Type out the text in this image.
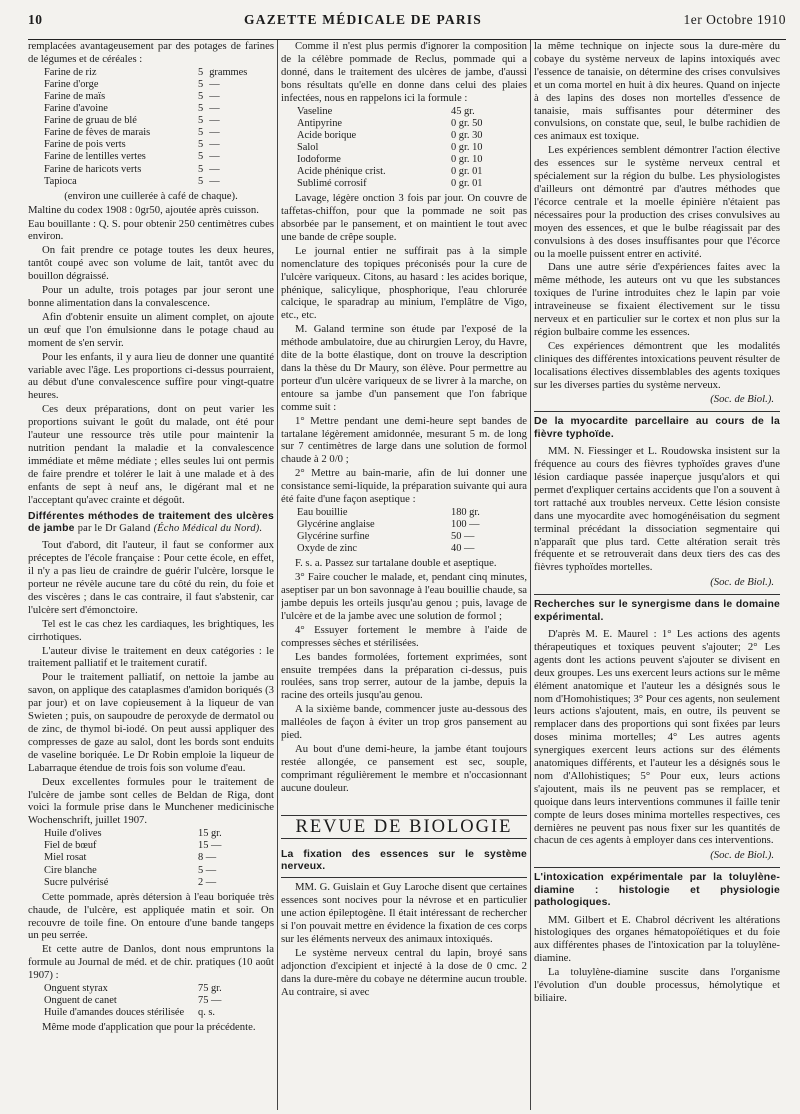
10	GAZETTE MÉDICALE DE PARIS	1er Octobre 1910

remplacées avantageusement par des potages de farines de légumes et de céréales :

Farine de riz	5	grammes
Farine d'orge	5	—
Farine de maïs	5	—
Farine d'avoine	5	—
Farine de gruau de blé	5	—
Farine de fèves de marais	5	—
Farine de pois verts	5	—
Farine de lentilles vertes	5	—
Farine de haricots verts	5	—
Tapioca	5	—

(environ une cuillerée à café de chaque).

Maltine du codex 1908 : 0gr50, ajoutée après cuisson.

Eau bouillante : Q. S. pour obtenir 250 centimètres cubes environ.

On fait prendre ce potage toutes les deux heures, tantôt coupé avec son volume de lait, tantôt avec du bouillon dégraissé.

Pour un adulte, trois potages par jour seront une bonne alimentation dans la convalescence.

Afin d'obtenir ensuite un aliment complet, on ajoute un œuf que l'on émulsionne dans le potage chaud au moment de s'en servir.

Pour les enfants, il y aura lieu de donner une quantité variable avec l'âge. Les proportions ci-dessus pourraient, au début d'une convalescence suffire pour vingt-quatre heures.

Ces deux préparations, dont on peut varier les proportions suivant le goût du malade, ont été pour l'auteur une ressource très utile pour maintenir la nutrition pendant la maladie et la convalescence immédiate et même médiate ; elles seules lui ont permis de faire prendre et tolérer le lait à une malade et à des enfants de sept à neuf ans, le digérant mal et ne l'acceptant qu'avec crainte et dégoût.

Différentes méthodes de traitement des ulcères de jambe par le Dr Galand (Écho Médical du Nord).

Tout d'abord, dit l'auteur, il faut se conformer aux préceptes de l'école française : Pour cette école, en effet, il n'y a pas lieu de craindre de guérir l'ulcère, lorsque le porteur ne révèle aucune tare du côté du rein, du foie et des viscères ; dans le cas contraire, il faut s'abstenir, car l'ulcère sert d'émonctoire.

Tel est le cas chez les cardiaques, les brightiques, les cirrhotiques.

L'auteur divise le traitement en deux catégories : le traitement palliatif et le traitement curatif.

Pour le traitement palliatif, on nettoie la jambe au savon, on applique des cataplasmes d'amidon boriqués (3 par jour) et on lave copieusement à la liqueur de van Swieten ; puis, on saupoudre de peroxyde de dermatol ou de zinc, de thymol bi-iodé. On peut aussi appliquer des compresses de gaze au salol, dont les bords sont enduits de vaseline boriquée. Le Dr Robin emploie la liqueur de Labarraque étendue de trois fois son volume d'eau.

Deux excellentes formules pour le traitement de l'ulcère de jambe sont celles de Beldan de Riga, dont voici la formule prise dans le Munchener medicinische Wochenschrift, juillet 1907.

Huile d'olives	15 gr.
Fiel de bœuf	15 —
Miel rosat	8 —
Cire blanche	5 —
Sucre pulvérisé	2 —

Cette pommade, après détersion à l'eau boriquée très chaude, de l'ulcère, est appliquée matin et soir. On recouvre de toile fine. On entoure d'une bande tangeps un peu serrée.

Et cette autre de Danlos, dont nous empruntons la formule au Journal de méd. et de chir. pratiques (10 août 1907) :

Onguent styrax	75 gr.
Onguent de canet	75 —
Huile d'amandes douces stérilisée	q. s.

Même mode d'application que pour la précédente.

Comme il n'est plus permis d'ignorer la composition de la célèbre pommade de Reclus, pommade qui a donné, dans le traitement des ulcères de jambe, d'aussi bons résultats qu'elle en donne dans celui des plaies infectées, nous en rappelons ici la formule :

Vaseline	45 gr.
Antipyrine	0 gr. 50
Acide borique	0 gr. 30
Salol	0 gr. 10
Iodoforme	0 gr. 10
Acide phénique crist.	0 gr. 01
Sublimé corrosif	0 gr. 01

Lavage, légère onction 3 fois par jour. On couvre de taffetas-chiffon, pour que la pommade ne soit pas absorbée par le pansement, et on maintient le tout avec une bande de crêpe souple.

Le journal entier ne suffirait pas à la simple nomenclature des topiques préconisés pour la cure de l'ulcère variqueux. Citons, au hasard : les acides borique, phénique, salicylique, phosphorique, l'eau chlorurée calcique, le sparadrap au minium, l'emplâtre de Vigo, etc., etc.

M. Galand termine son étude par l'exposé de la méthode ambulatoire, due au chirurgien Leroy, du Havre, dite de la botte élastique, dont on trouve la description dans la thèse du Dr Maury, son élève. Pour permettre au porteur d'un ulcère variqueux de se livrer à la marche, on entoure sa jambe d'un pansement que l'on fabrique comme suit :

1° Mettre pendant une demi-heure sept bandes de tartalane légèrement amidonnée, mesurant 5 m. de long sur 7 centimètres de large dans une solution de formol chaude à 2 0/0 ;

2° Mettre au bain-marie, afin de lui donner une consistance semi-liquide, la préparation suivante qui aura été faite d'une façon aseptique :

Eau bouillie	180 gr.
Glycérine anglaise	100 —
Glycérine surfine	50 —
Oxyde de zinc	40 —

F. s. a. Passez sur tartalane double et aseptique.

3° Faire coucher le malade, et, pendant cinq minutes, aseptiser par un bon savonnage à l'eau bouillie chaude, sa jambe depuis les orteils jusqu'au genou ; puis, lavage de l'ulcère et de la jambe avec une solution de formol ;

4° Essuyer fortement le membre à l'aide de compresses sèches et stérilisées.

Les bandes formolées, fortement exprimées, sont ensuite trempées dans la préparation ci-dessus, puis roulées, sans trop serrer, autour de la jambe, depuis la racine des orteils jusqu'au genou.

A la sixième bande, commencer juste au-dessous des malléoles de façon à éviter un trop gros pansement au pied.

Au bout d'une demi-heure, la jambe étant toujours restée allongée, ce pansement est sec, souple, comprimant régulièrement le membre et n'occasionnant aucune douleur.

REVUE DE BIOLOGIE
La fixation des essences sur le système nerveux.

MM. G. Guislain et Guy Laroche disent que certaines essences sont nocives pour la névrose et en particulier une action épileptogène. Il était intéressant de rechercher si l'on pouvait mettre en évidence la fixation de ces corps sur les éléments nerveux des animaux intoxiqués.

Le système nerveux central du lapin, broyé sans adjonction d'excipient et injecté à la dose de 0 cmc. 2 dans la dure-mère du cobaye ne détermine aucun trouble. Au contraire, si avec

la même technique on injecte sous la dure-mère du cobaye du système nerveux de lapins intoxiqués avec l'essence de tanaisie, on détermine des crises convulsives et un coma mortel en huit à dix heures. Quand on injecte à des lapins des doses non mortelles d'essence de tanaisie, mais suffisantes pour déterminer des convulsions, on constate que, seul, le bulbe rachidien de ces animaux est toxique.

Les expériences semblent démontrer l'action élective des essences sur le système nerveux central et spécialement sur la région du bulbe. Les physiologistes d'ailleurs ont démontré par d'autres méthodes que l'écorce centrale et la moelle épinière n'étaient pas nécessaires pour la production des crises convulsives au moyen des essences, et que le bulbe réagissait par des convulsions à des doses insuffisantes pour que l'écorce ou la moelle puissent entrer en activité.

Dans une autre série d'expériences faites avec la même méthode, les auteurs ont vu que les substances toxiques de l'urine introduites chez le lapin par voie intraveineuse se fixaient électivement sur le tissu nerveux et en particulier sur le cortex et non plus sur la région bulbaire comme les essences.

Ces expériences démontrent que les modalités cliniques des différentes intoxications peuvent résulter de localisations électives dissemblables des agents toxiques sur les diverses parties du système nerveux.

(Soc. de Biol.).
De la myocardite parcellaire au cours de la fièvre typhoïde.

MM. N. Fiessinger et L. Roudowska insistent sur la fréquence au cours des fièvres typhoïdes graves d'une lésion cardiaque passée inaperçue jusqu'alors et qui permet d'expliquer certains accidents que l'on a souvent à tort rattaché aux troubles nerveux. Cette lésion consiste dans une myocardite avec homogénéisation du segment terminal précédant la dissociation segmentaire qui n'apparaît que plus tard. Cette altération serait très fréquente et se retrouverait dans deux tiers des cas des fièvres typhoïdes mortelles.

(Soc. de Biol.).
Recherches sur le synergisme dans le domaine expérimental.

D'après M. E. Maurel : 1° Les actions des agents thérapeutiques et toxiques peuvent s'ajouter; 2° Les agents dont les actions peuvent s'ajouter se divisent en deux groupes. Les uns exercent leurs actions sur le même élément anatomique et l'auteur les a désignés sous le nom d'Homohistiques; 3° Pour ces agents, non seulement leurs actions s'ajoutent, mais, en outre, ils peuvent se remplacer dans des proportions qui sont fixées par leurs doses minima mortelles; 4° Les autres agents synergiques exercent leurs actions sur des éléments anatomiques différents, et l'auteur les a désignés sous le nom d'Allohistiques; 5° Pour eux, leurs actions s'ajoutent, mais ils ne peuvent pas se remplacer, et quoique dans leurs interventions communes il faille tenir compte de leurs doses minima mortelles respectives, ces dernières ne peuvent pas nous fixer sur les quantités de chacun de ces agents à employer dans ces interventions.

(Soc. de Biol.).
L'intoxication expérimentale par la toluylène-diamine : histologie et physiologie pathologiques.

MM. Gilbert et E. Chabrol décrivent les altérations histologiques des organes hématopoïétiques et du foie aux différentes phases de l'intoxication par la toluylène-diamine.

La toluylène-diamine suscite dans l'organisme l'évolution d'un double processus, hémolytique et biliaire.
